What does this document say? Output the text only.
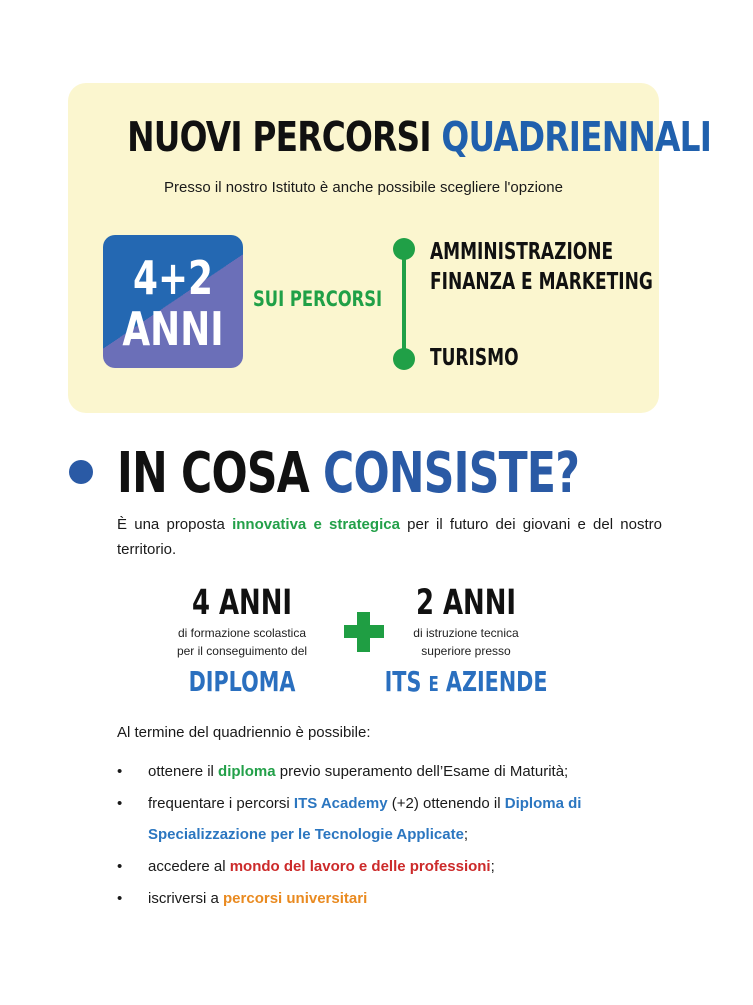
NUOVI PERCORSI QUADRIENNALI
Presso il nostro Istituto è anche possibile scegliere l'opzione
4+2
ANNI
SUI PERCORSI
AMMINISTRAZIONE
FINANZA E MARKETING
TURISMO
IN COSA CONSISTE?
È una proposta innovativa e strategica per il futuro dei giovani e del nostro territorio.
4 ANNI
di formazione scolastica
per il conseguimento del
DIPLOMA
2 ANNI
di istruzione tecnica
superiore presso
ITS E AZIENDE
Al termine del quadriennio è possibile:
• ottenere il diploma previo superamento dell’Esame di Maturità;
• frequentare i percorsi ITS Academy (+2) ottenendo il Diploma di Specializzazione per le Tecnologie Applicate;
• accedere al mondo del lavoro e delle professioni;
• iscriversi a percorsi universitari
